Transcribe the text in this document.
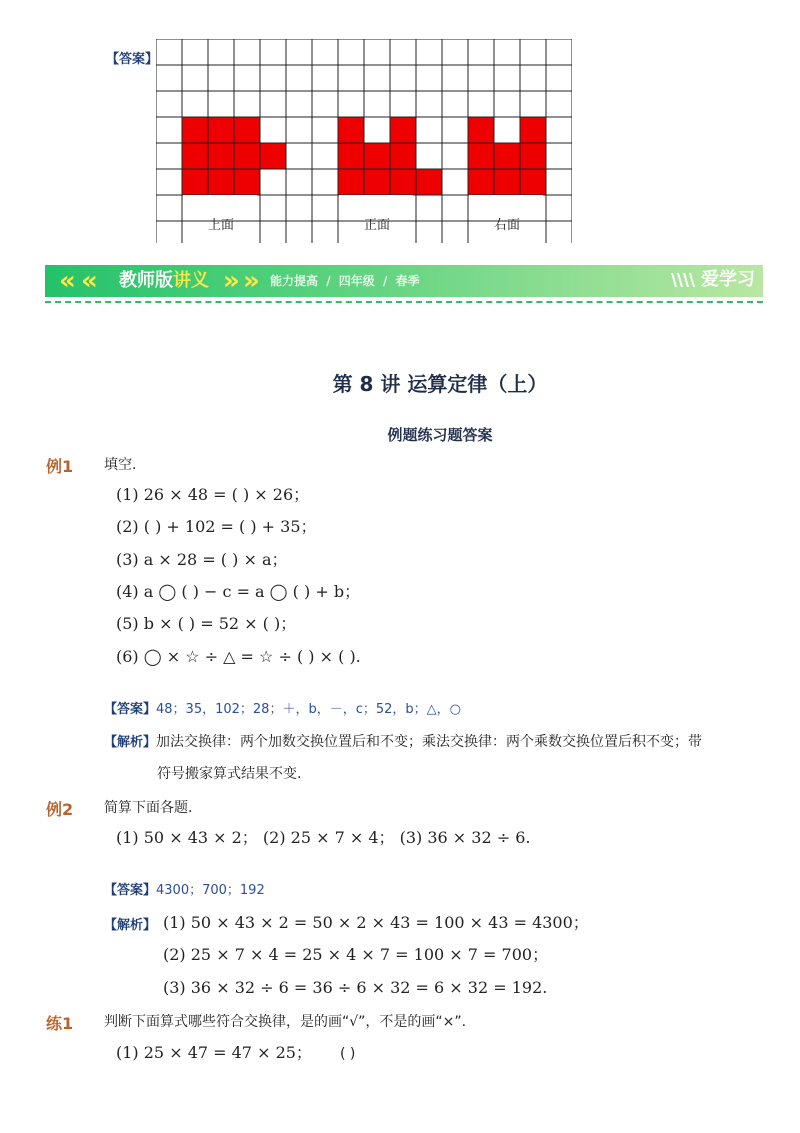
【答案】
上面	正面	右面
« « 教师版讲义 » » 能力提高 / 四年级 / 春季	爱学习
第 8 讲 运算定律（上）
例题练习题答案
例1 填空.
(1) 26 × 48 = ( ) × 26；
(2) ( ) + 102 = ( ) + 35；
(3) a × 28 = ( ) × a；
(4) a ◯ ( ) − c = a ◯ ( ) + b；
(5) b × ( ) = 52 × ( )；
(6) ◯ × ☆ ÷ △ = ☆ ÷ ( ) × ( ).
【答案】48；35，102；28；＋，b，－，c；52，b；△，○
【解析】加法交换律：两个加数交换位置后和不变；乘法交换律：两个乘数交换位置后积不变；带
符号搬家算式结果不变.
例2 简算下面各题.
(1) 50 × 43 × 2； (2) 25 × 7 × 4； (3) 36 × 32 ÷ 6.
【答案】4300；700；192
【解析】 (1) 50 × 43 × 2 = 50 × 2 × 43 = 100 × 43 = 4300；
(2) 25 × 7 × 4 = 25 × 4 × 7 = 100 × 7 = 700；
(3) 36 × 32 ÷ 6 = 36 ÷ 6 × 32 = 6 × 32 = 192.
练1 判断下面算式哪些符合交换律，是的画“√”，不是的画“×”.
(1) 25 × 47 = 47 × 25； ( )
